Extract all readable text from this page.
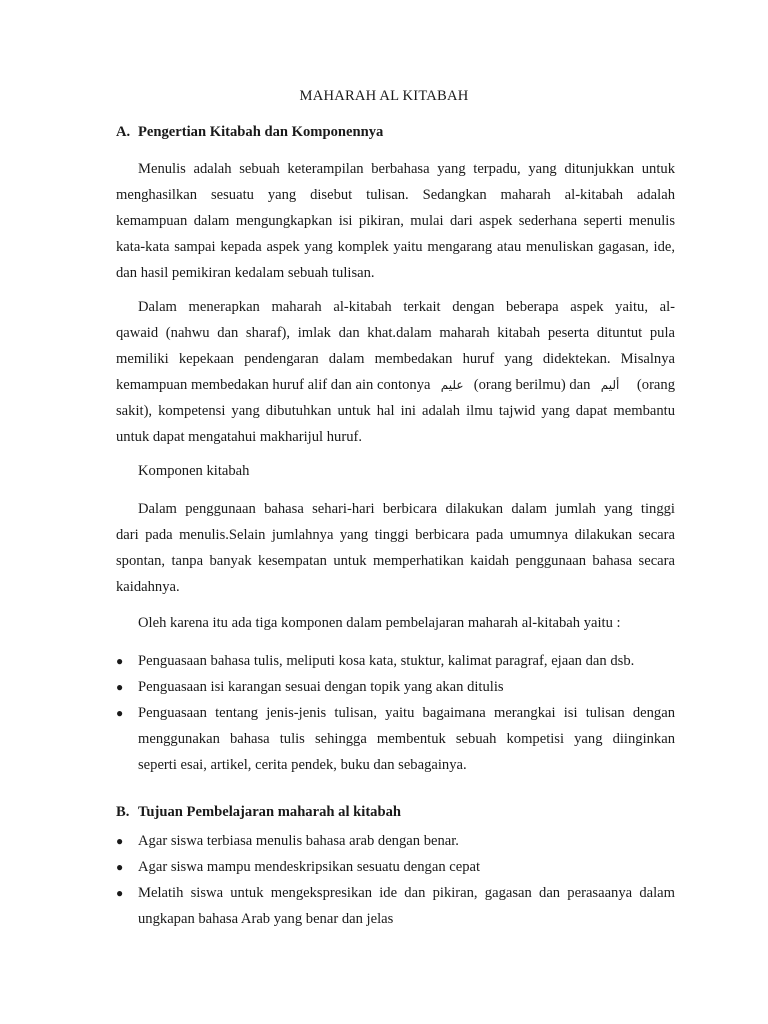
MAHARAH AL KITABAH
A. Pengertian Kitabah dan Komponennya
Menulis adalah sebuah keterampilan berbahasa yang terpadu, yang ditunjukkan untuk
menghasilkan sesuatu yang disebut tulisan. Sedangkan maharah al-kitabah adalah
kemampuan dalam mengungkapkan isi pikiran, mulai dari aspek sederhana seperti menulis
kata-kata sampai kepada aspek yang komplek yaitu mengarang atau menuliskan gagasan, ide,
dan hasil pemikiran kedalam sebuah tulisan.
Dalam menerapkan maharah al-kitabah terkait dengan beberapa aspek yaitu, al-
qawaid (nahwu dan sharaf), imlak dan khat.dalam maharah kitabah peserta dituntut pula
memiliki kepekaan pendengaran dalam membedakan huruf yang didektekan. Misalnya
kemampuan membedakan huruf alif dan ain contonya عليم (orang berilmu) dan أليم (orang
sakit), kompetensi yang dibutuhkan untuk hal ini adalah ilmu tajwid yang dapat membantu
untuk dapat mengatahui makharijul huruf.
Komponen kitabah
Dalam penggunaan bahasa sehari-hari berbicara dilakukan dalam jumlah yang tinggi
dari pada menulis.Selain jumlahnya yang tinggi berbicara pada umumnya dilakukan secara
spontan, tanpa banyak kesempatan untuk memperhatikan kaidah penggunaan bahasa secara
kaidahnya.
Oleh karena itu ada tiga komponen dalam pembelajaran maharah al-kitabah yaitu :
●	Penguasaan bahasa tulis, meliputi kosa kata, stuktur, kalimat paragraf, ejaan dan dsb.
●	Penguasaan isi karangan sesuai dengan topik yang akan ditulis
●	Penguasaan tentang jenis-jenis tulisan, yaitu bagaimana merangkai isi tulisan dengan
menggunakan bahasa tulis sehingga membentuk sebuah kompetisi yang diinginkan
seperti esai, artikel, cerita pendek, buku dan sebagainya.
B. Tujuan Pembelajaran maharah al kitabah
●	Agar siswa terbiasa menulis bahasa arab dengan benar.
●	Agar siswa mampu mendeskripsikan sesuatu dengan cepat
●	Melatih siswa untuk mengekspresikan ide dan pikiran, gagasan dan perasaanya dalam
ungkapan bahasa Arab yang benar dan jelas
